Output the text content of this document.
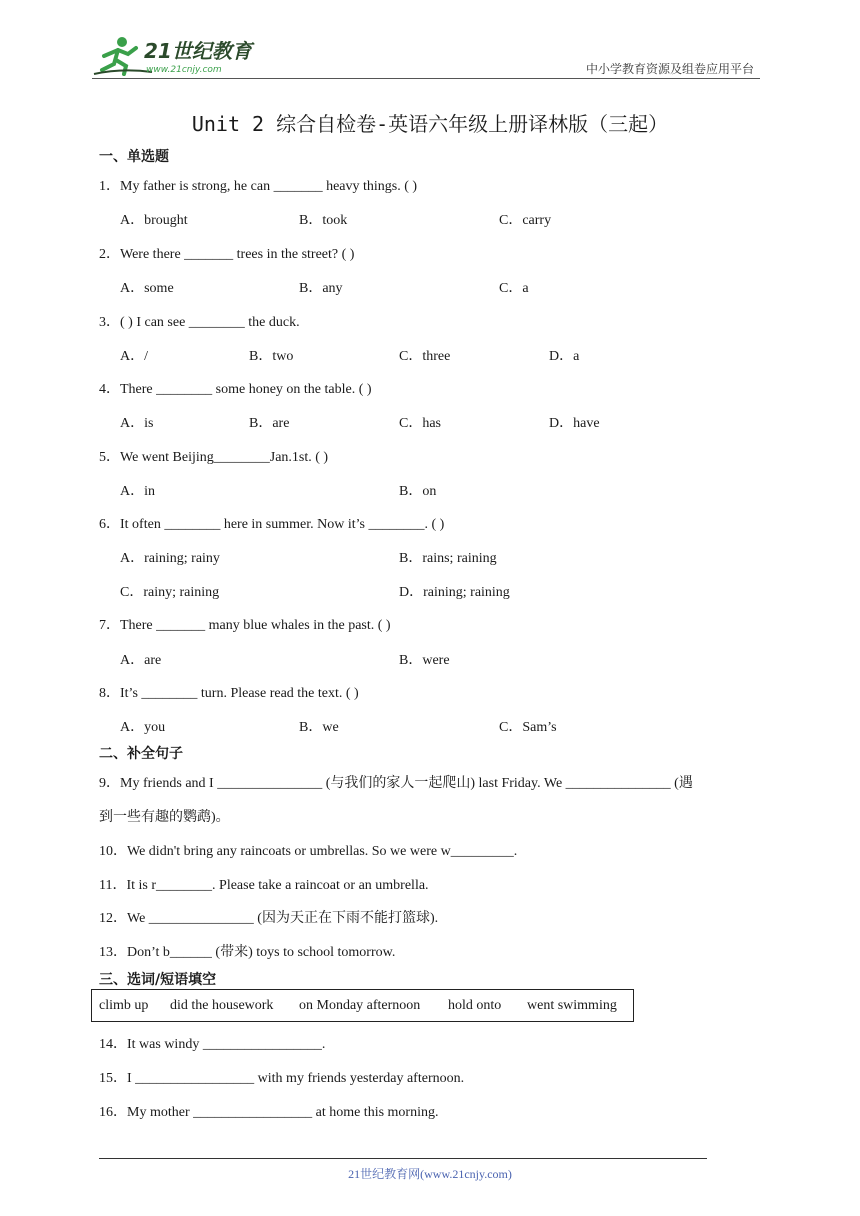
21世纪教育
www.21cnjy.com	中小学教育资源及组卷应用平台
Unit 2 综合自检卷-英语六年级上册译林版（三起）
一、单选题
1．My father is strong, he can _______ heavy things. ( )
A．brought	B．took	C．carry
2．Were there _______ trees in the street? ( )
A．some	B．any	C．a
3．( ) I can see ________ the duck.
A．/	B．two	C．three	D．a
4．There ________ some honey on the table. ( )
A．is	B．are	C．has	D．have
5．We went Beijing________Jan.1st. ( )
A．in	B．on
6．It often ________ here in summer. Now it’s ________. ( )
A．raining; rainy	B．rains; raining
C．rainy; raining	D．raining; raining
7．There _______ many blue whales in the past. ( )
A．are	B．were
8．It’s ________ turn. Please read the text. ( )
A．you	B．we	C．Sam’s
二、补全句子
9．My friends and I _______________ (与我们的家人一起爬山) last Friday. We _______________ (遇
到一些有趣的鹦鹉)。
10．We didn't bring any raincoats or umbrellas. So we were w_________.
11．It is r________. Please take a raincoat or an umbrella.
12．We _______________ (因为天正在下雨不能打篮球).
13．Don’t b______ (带来) toys to school tomorrow.
三、选词/短语填空
climb up did the housework on Monday afternoon hold onto went swimming
14．It was windy _________________.
15．I _________________ with my friends yesterday afternoon.
16．My mother _________________ at home this morning.
21世纪教育网(www.21cnjy.com)
